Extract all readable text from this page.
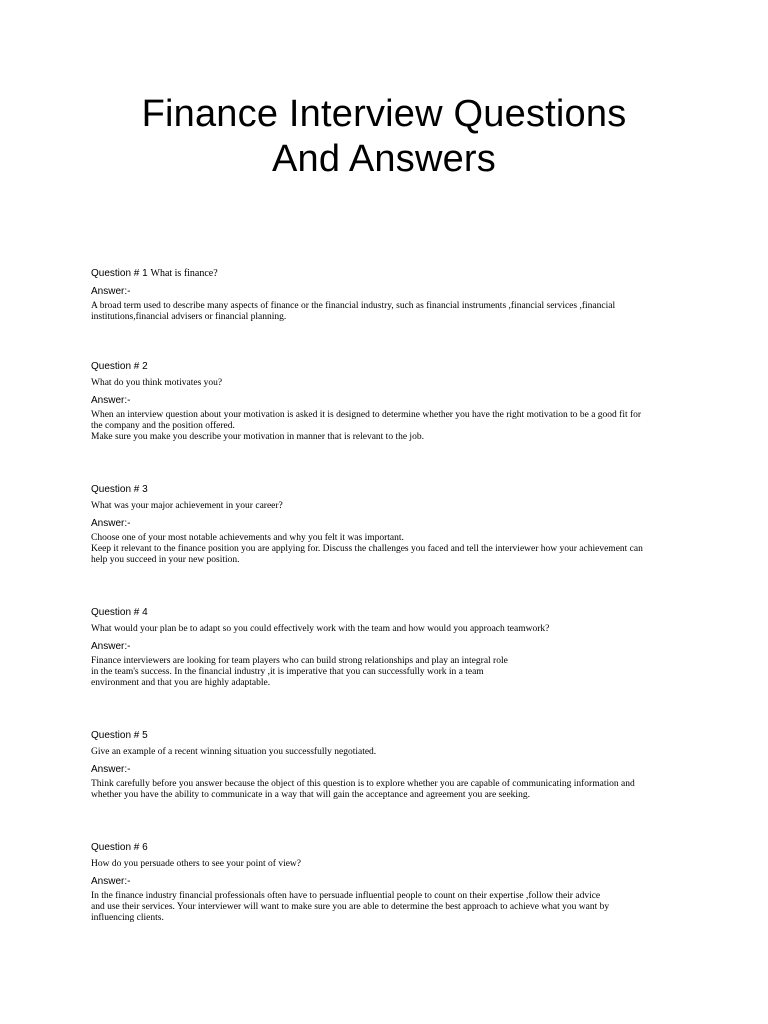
Finance Interview Questions
And Answers

Question # 1 What is finance?

Answer:-

A broad term used to describe many aspects of finance or the financial industry, such as financial instruments ,financial services ,financial

institutions,financial advisers or financial planning.

Question # 2

What do you think motivates you?

Answer:-

When an interview question about your motivation is asked it is designed to determine whether you have the right motivation to be a good fit for

the company and the position offered.

Make sure you make you describe your motivation in manner that is relevant to the job.

Question # 3

What was your major achievement in your career?

Answer:-

Choose one of your most notable achievements and why you felt it was important.

Keep it relevant to the finance position you are applying for. Discuss the challenges you faced and tell the interviewer how your achievement can

help you succeed in your new position.

Question # 4

What would your plan be to adapt so you could effectively work with the team and how would you approach teamwork?

Answer:-

Finance interviewers are looking for team players who can build strong relationships and play an integral role

in the team's success. In the financial industry ,it is imperative that you can successfully work in a team

environment and that you are highly adaptable.

Question # 5

Give an example of a recent winning situation you successfully negotiated.

Answer:-

Think carefully before you answer because the object of this question is to explore whether you are capable of communicating information and

whether you have the ability to communicate in a way that will gain the acceptance and agreement you are seeking.

Question # 6

How do you persuade others to see your point of view?

Answer:-

In the finance industry financial professionals often have to persuade influential people to count on their expertise ,follow their advice

and use their services. Your interviewer will want to make sure you are able to determine the best approach to achieve what you want by

influencing clients.
